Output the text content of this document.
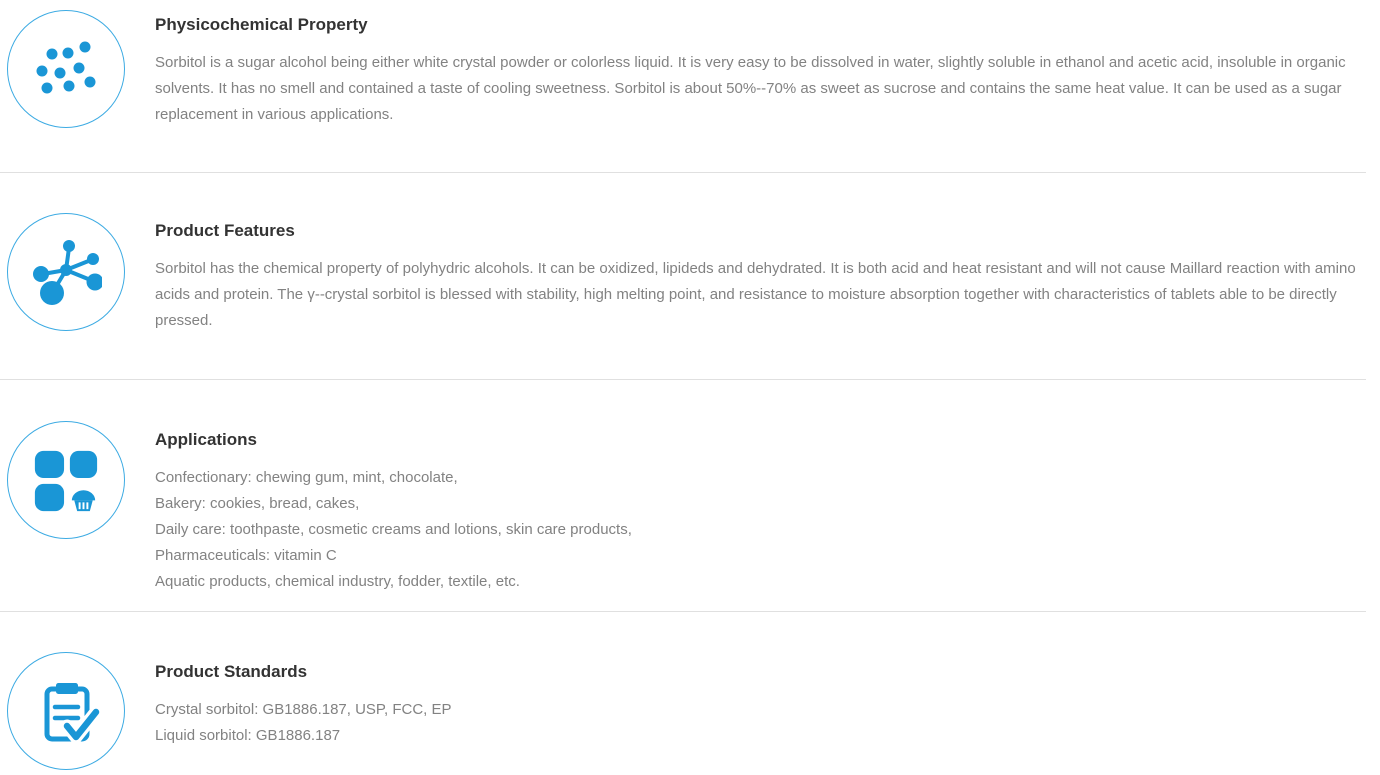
Physicochemical Property

Sorbitol is a sugar alcohol being either white crystal powder or colorless liquid. It is very easy to be dissolved in water, slightly soluble in ethanol and acetic acid, insoluble in organic solvents. It has no smell and contained a taste of cooling sweetness. Sorbitol is about 50%--70% as sweet as sucrose and contains the same heat value. It can be used as a sugar replacement in various applications.

Product Features

Sorbitol has the chemical property of polyhydric alcohols. It can be oxidized, lipideds and dehydrated. It is both acid and heat resistant and will not cause Maillard reaction with amino acids and protein. The γ--crystal sorbitol is blessed with stability, high melting point, and resistance to moisture absorption together with characteristics of tablets able to be directly pressed.

Applications
Confectionary: chewing gum, mint, chocolate,
Bakery: cookies, bread, cakes,
Daily care: toothpaste, cosmetic creams and lotions, skin care products,
Pharmaceuticals: vitamin C
Aquatic products, chemical industry, fodder, textile, etc.
Product Standards
Crystal sorbitol: GB1886.187, USP, FCC, EP
Liquid sorbitol: GB1886.187
